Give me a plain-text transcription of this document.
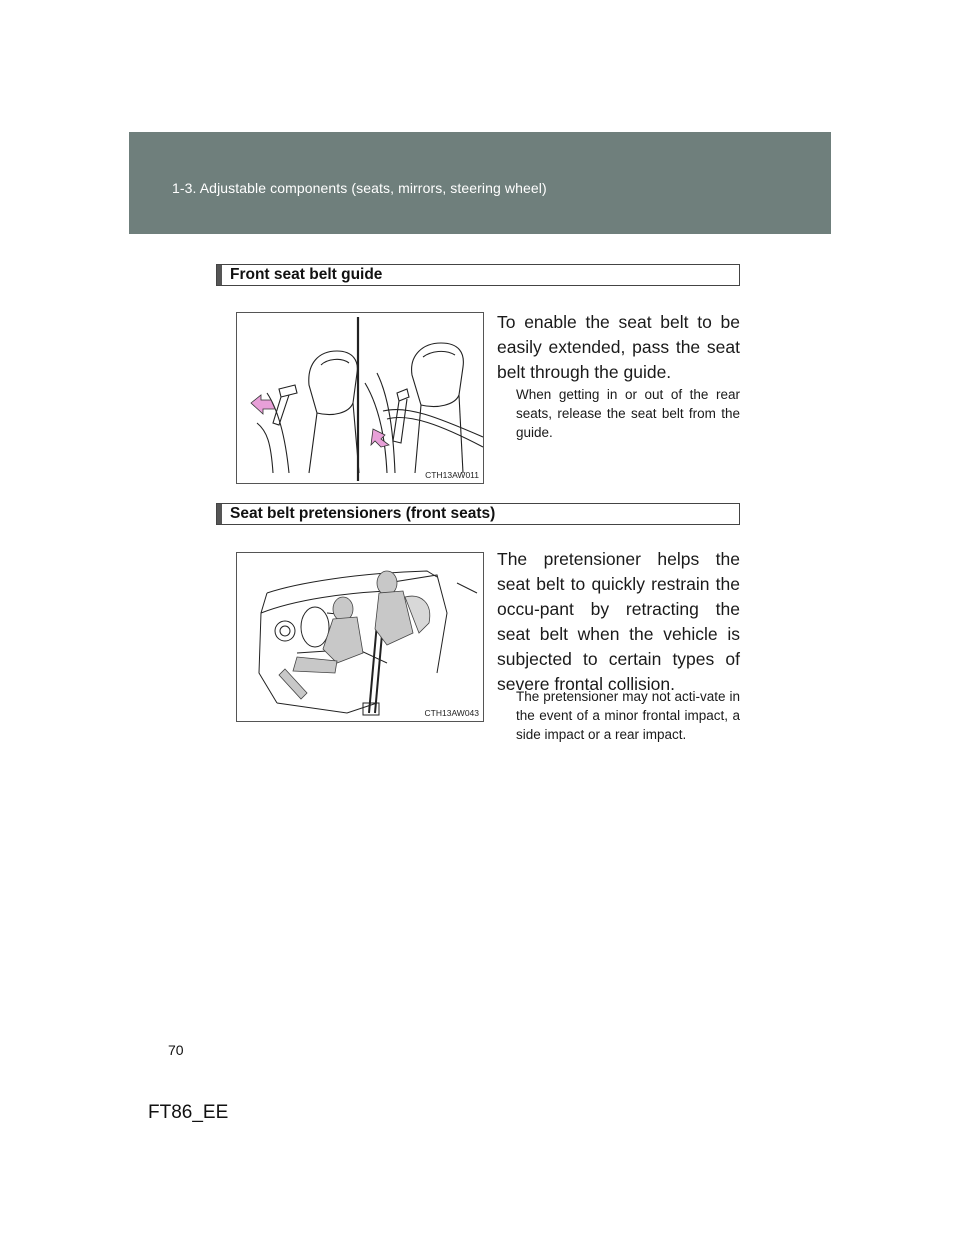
1-3. Adjustable components (seats, mirrors, steering wheel)
Front seat belt guide
CTH13AW011
To enable the seat belt to be easily extended, pass the seat belt through the guide.
When getting in or out of the rear seats, release the seat belt from the guide.
Seat belt pretensioners (front seats)
CTH13AW043
The pretensioner helps the seat belt to quickly restrain the occu-pant by retracting the seat belt when the vehicle is subjected to certain types of severe frontal collision.
The pretensioner may not acti-vate in the event of a minor frontal impact, a side impact or a rear impact.
70
FT86_EE
